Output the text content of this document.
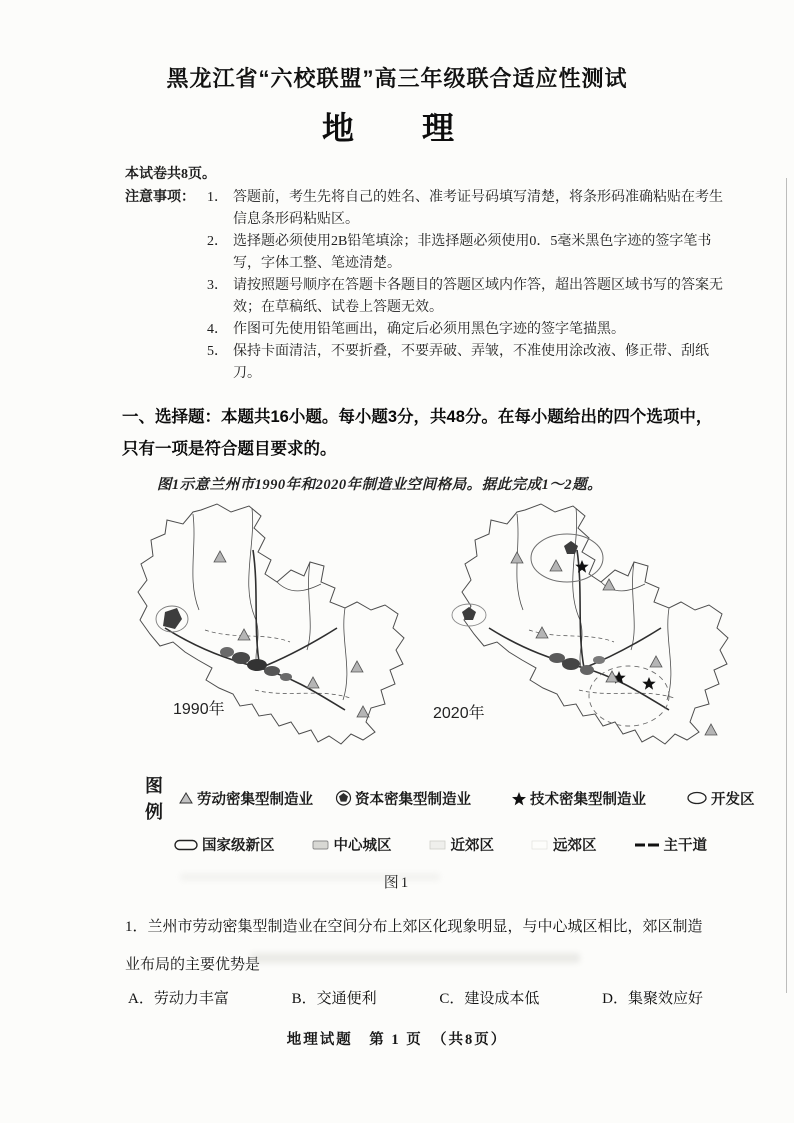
黑龙江省“六校联盟”高三年级联合适应性测试
地　理
本试卷共8页。
注意事项： 1． 答题前，考生先将自己的姓名、准考证号码填写清楚，将条形码准确粘贴在考生信息条形码粘贴区。
2． 选择题必须使用2B铅笔填涂；非选择题必须使用0．5毫米黑色字迹的签字笔书写，字体工整、笔迹清楚。
3． 请按照题号顺序在答题卡各题目的答题区域内作答，超出答题区域书写的答案无效；在草稿纸、试卷上答题无效。
4． 作图可先使用铅笔画出，确定后必须用黑色字迹的签字笔描黑。
5． 保持卡面清洁，不要折叠，不要弄破、弄皱，不准使用涂改液、修正带、刮纸刀。
一、选择题：本题共16小题。每小题3分，共48分。在每小题给出的四个选项中，只有一项是符合题目要求的。
图1示意兰州市1990年和2020年制造业空间格局。据此完成1～2题。
1990年	2020年
图例
劳动密集型制造业	资本密集型制造业	技术密集型制造业	开发区
国家级新区	中心城区	近郊区	远郊区	主干道
图1
1．兰州市劳动密集型制造业在空间分布上郊区化现象明显，与中心城区相比，郊区制造业布局的主要优势是
A．劳动力丰富	B．交通便利	C．建设成本低	D．集聚效应好
地理试题　第 1 页　（共8页）
